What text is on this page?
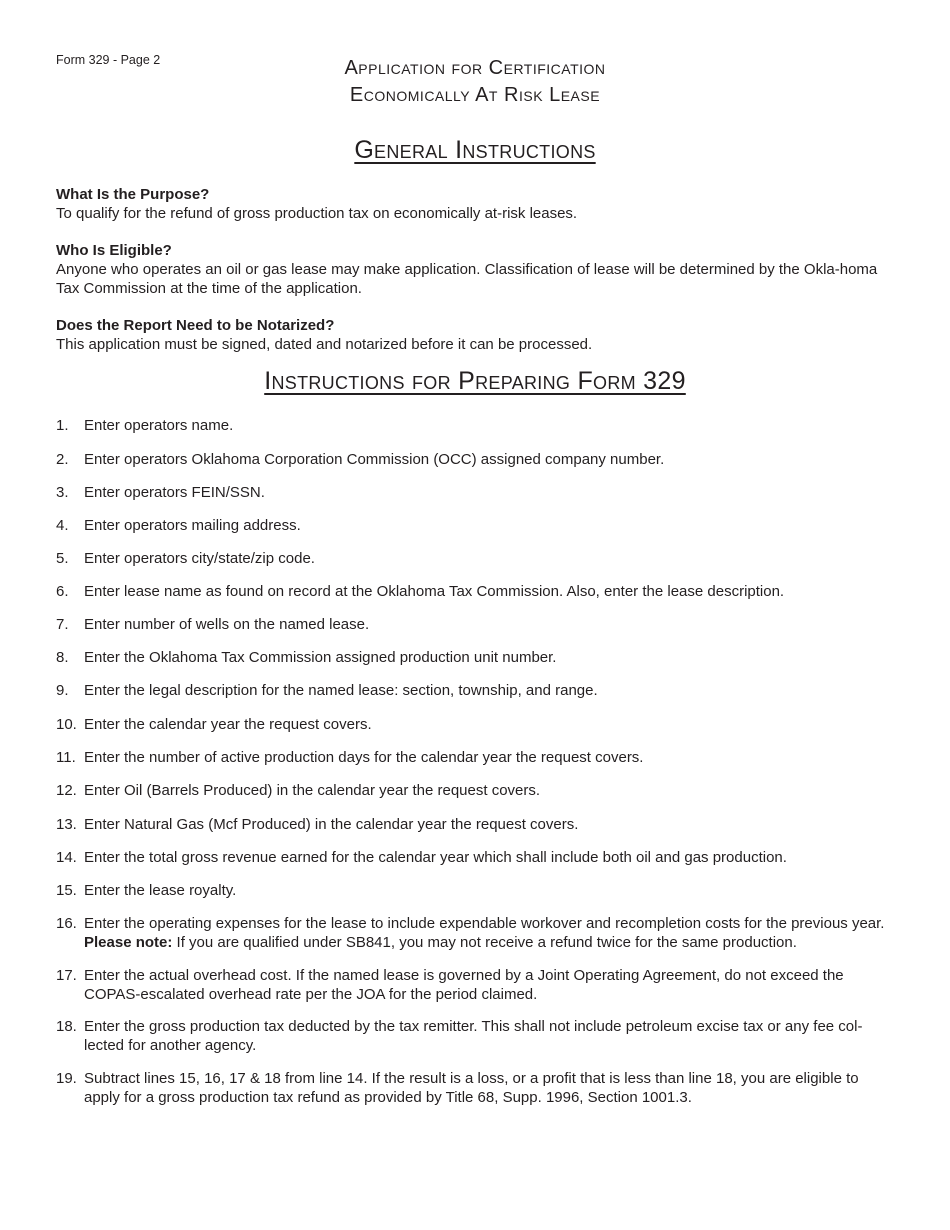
Form 329 - Page 2	Application for Certification
Economically At Risk Lease
General Instructions
What Is the Purpose?
To qualify for the refund of gross production tax on economically at-risk leases.
Who Is Eligible?
Anyone who operates an oil or gas lease may make application. Classification of lease will be determined by the Okla-homa Tax Commission at the time of the application.
Does the Report Need to be Notarized?
This application must be signed, dated and notarized before it can be processed.
Instructions for Preparing Form 329
1.	Enter operators name.
2.	Enter operators Oklahoma Corporation Commission (OCC) assigned company number.
3.	Enter operators FEIN/SSN.
4.	Enter operators mailing address.
5.	Enter operators city/state/zip code.
6.	Enter lease name as found on record at the Oklahoma Tax Commission. Also, enter the lease description.
7.	Enter number of wells on the named lease.
8.	Enter the Oklahoma Tax Commission assigned production unit number.
9.	Enter the legal description for the named lease: section, township, and range.
10. Enter the calendar year the request covers.
11. Enter the number of active production days for the calendar year the request covers.
12. Enter Oil (Barrels Produced) in the calendar year the request covers.
13. Enter Natural Gas (Mcf Produced) in the calendar year the request covers.
14. Enter the total gross revenue earned for the calendar year which shall include both oil and gas production.
15. Enter the lease royalty.
16. Enter the operating expenses for the lease to include expendable workover and recompletion costs for the previous year.
Please note: If you are qualified under SB841, you may not receive a refund twice for the same production.
17. Enter the actual overhead cost. If the named lease is governed by a Joint Operating Agreement, do not exceed the COPAS-escalated overhead rate per the JOA for the period claimed.
18. Enter the gross production tax deducted by the tax remitter. This shall not include petroleum excise tax or any fee col-lected for another agency.
19. Subtract lines 15, 16, 17 & 18 from line 14. If the result is a loss, or a profit that is less than line 18, you are eligible to apply for a gross production tax refund as provided by Title 68, Supp. 1996, Section 1001.3.
